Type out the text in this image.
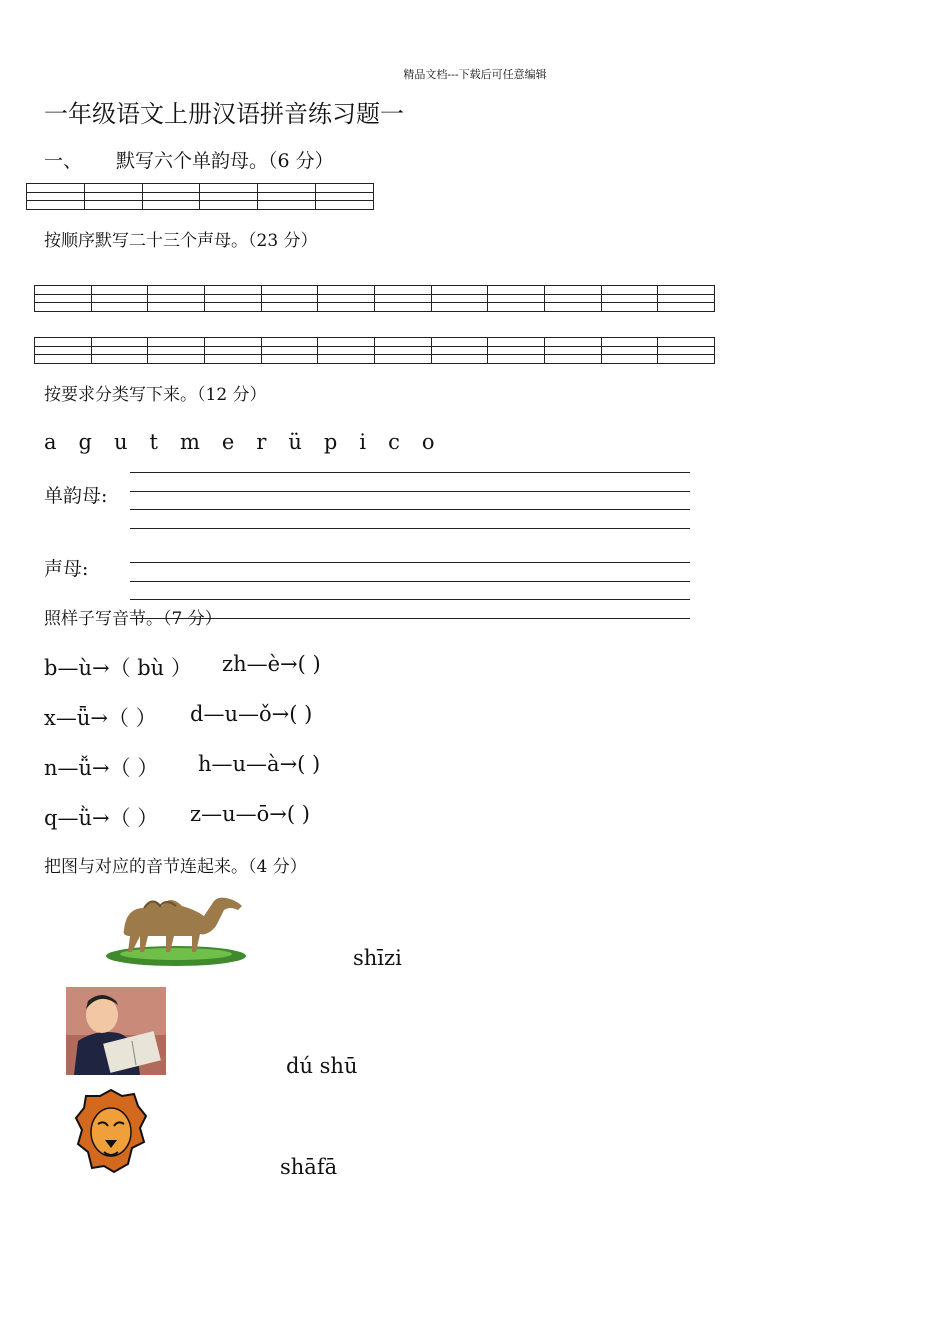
精品文档---下载后可任意编辑
一年级语文上册汉语拼音练习题一
一、 默写六个单韵母。（6 分）

按顺序默写二十三个声母。（23 分）

按要求分类写下来。（12 分）
a g u t m e r ü p i c o
单韵母:
声母:
照样子写音节。（7 分）
b—ù→（ bù ） zh—è→( )
x—ǖ→（ ） d—u—ǒ→( )
n—ǚ→（ ） h—u—à→( )
q—ǜ→（ ） z—u—ō→( )
把图与对应的音节连起来。（4 分）
shīzi
dú shū
shāfā
